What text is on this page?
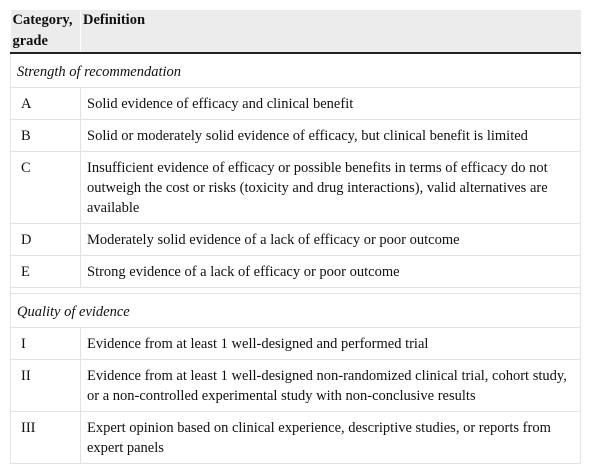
Category, grade	Definition
Strength of recommendation	
A	Solid evidence of efficacy and clinical benefit
B	Solid or moderately solid evidence of efficacy, but clinical benefit is limited
C	Insufficient evidence of efficacy or possible benefits in terms of efficacy do not outweigh the cost or risks (toxicity and drug interactions), valid alternatives are available
D	Moderately solid evidence of a lack of efficacy or poor outcome
E	Strong evidence of a lack of efficacy or poor outcome

Quality of evidence	
I	Evidence from at least 1 well-designed and performed trial
II	Evidence from at least 1 well-designed non-randomized clinical trial, cohort study, or a non-controlled experimental study with non-conclusive results
III	Expert opinion based on clinical experience, descriptive studies, or reports from expert panels
